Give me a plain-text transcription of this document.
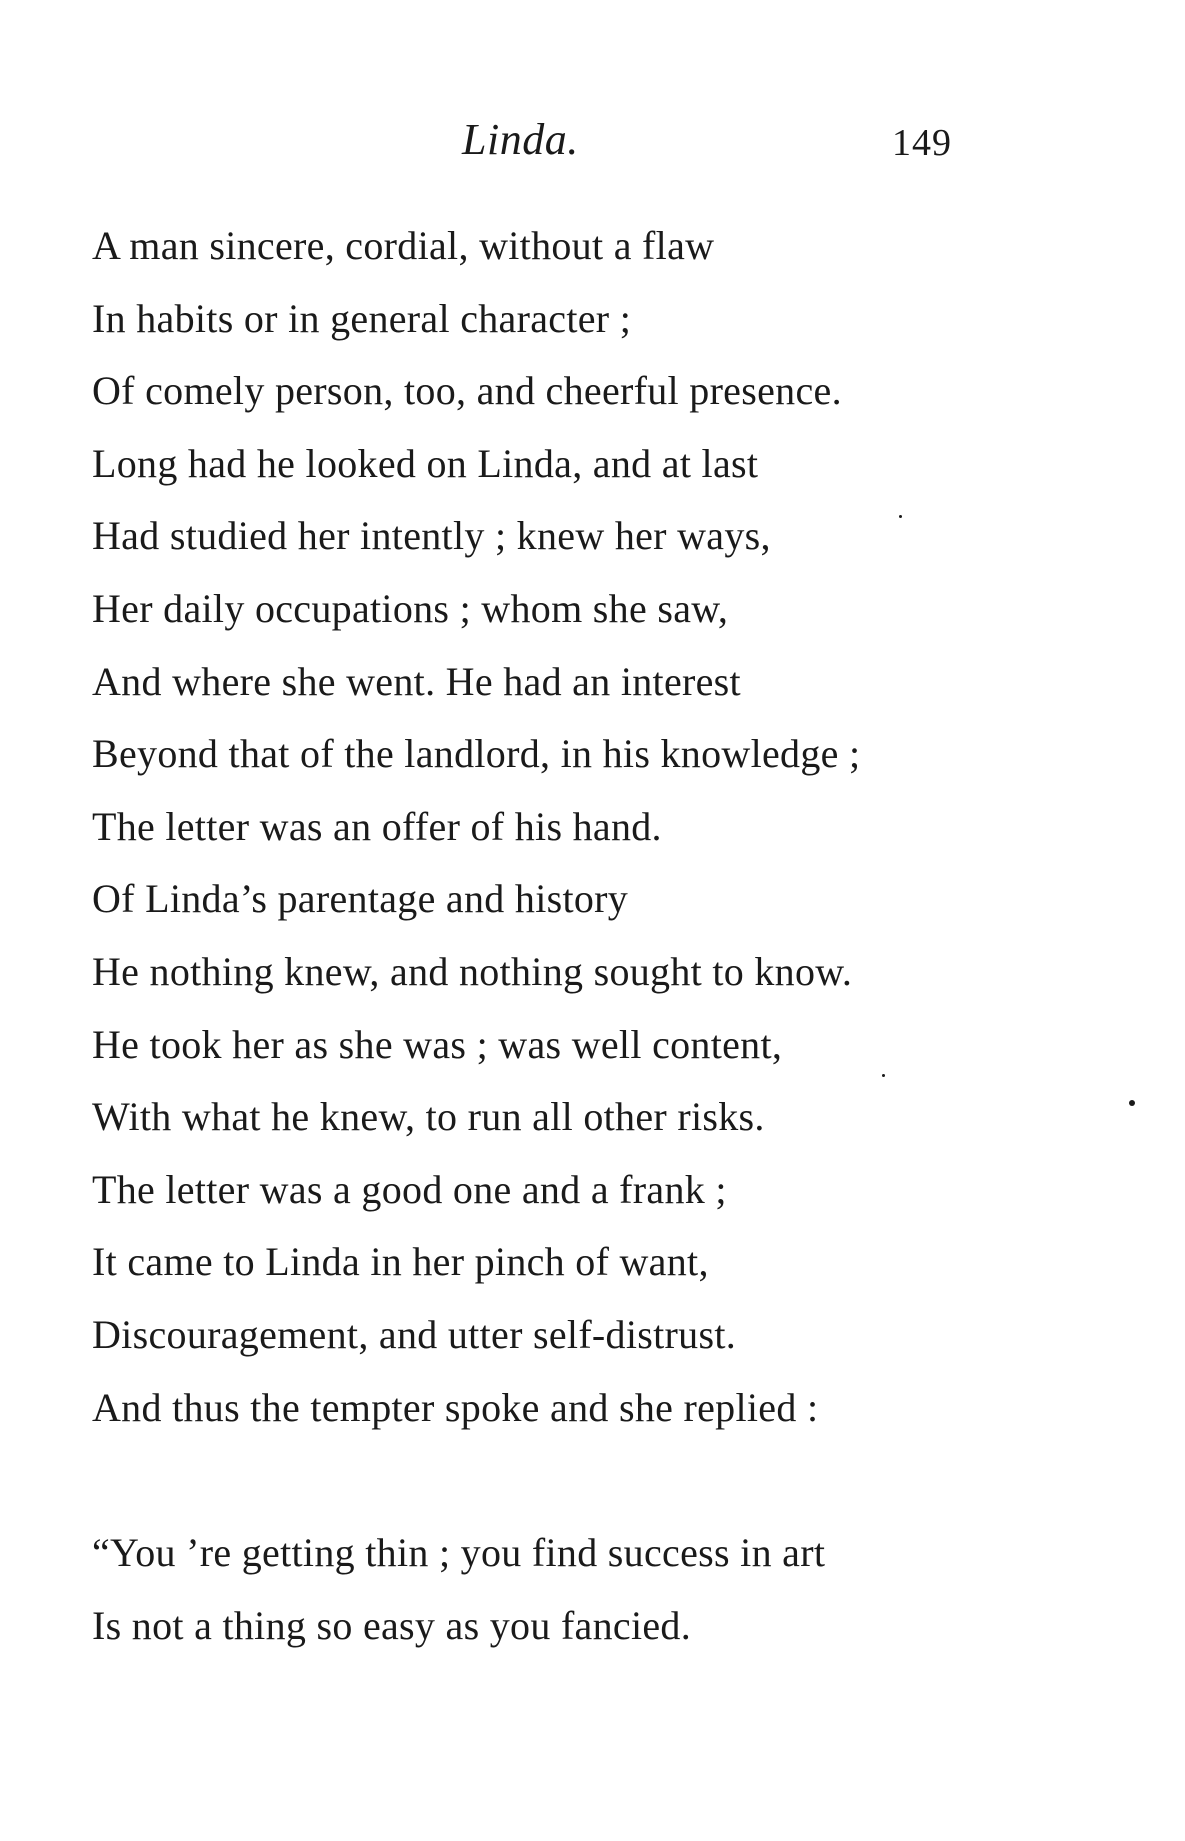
Linda.	149
A man sincere, cordial, without a flaw
In habits or in general character ;
Of comely person, too, and cheerful presence.
Long had he looked on Linda, and at last
Had studied her intently ; knew her ways,
Her daily occupations ; whom she saw,
And where she went. He had an interest
Beyond that of the landlord, in his knowledge ;
The letter was an offer of his hand.
Of Linda’s parentage and history
He nothing knew, and nothing sought to know.
He took her as she was ; was well content,
With what he knew, to run all other risks.
The letter was a good one and a frank ;
It came to Linda in her pinch of want,
Discouragement, and utter self-distrust.
And thus the tempter spoke and she replied :
“You ’re getting thin ; you find success in art
Is not a thing so easy as you fancied.
